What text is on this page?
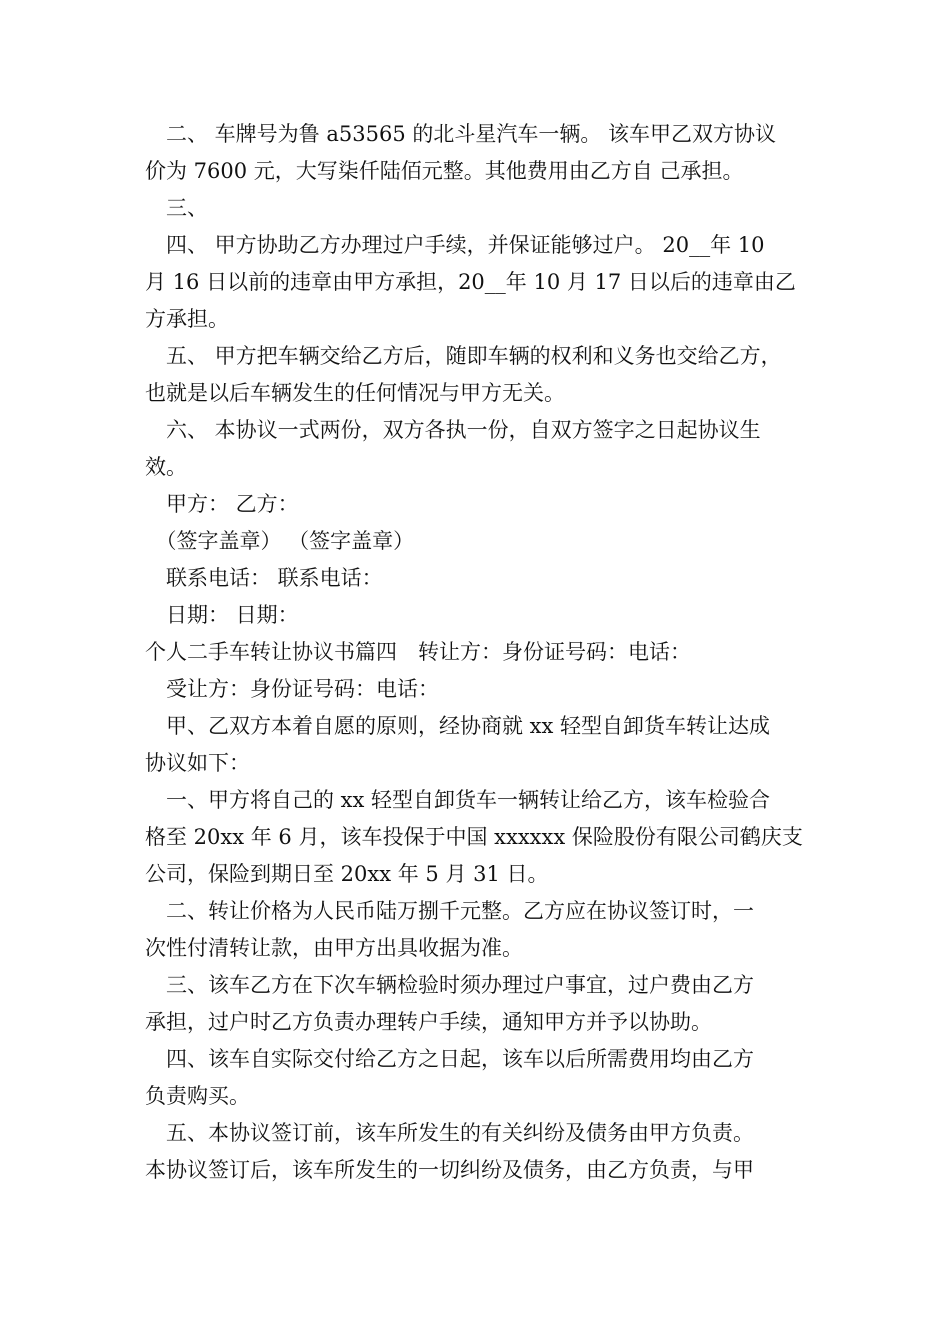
　二、 车牌号为鲁 a53565 的北斗星汽车一辆。 该车甲乙双方协议
价为 7600 元，大写柒仟陆佰元整。其他费用由乙方自 己承担。
　三、
　四、 甲方协助乙方办理过户手续，并保证能够过户。 20__年 10
月 16 日以前的违章由甲方承担，20__年 10 月 17 日以后的违章由乙
方承担。
　五、 甲方把车辆交给乙方后，随即车辆的权利和义务也交给乙方，
也就是以后车辆发生的任何情况与甲方无关。
　六、 本协议一式两份，双方各执一份，自双方签字之日起协议生
效。
　甲方： 乙方：
　（签字盖章） （签字盖章）
　联系电话： 联系电话：
　日期： 日期：
个人二手车转让协议书篇四　转让方：身份证号码：电话：
　受让方：身份证号码：电话：
　甲、乙双方本着自愿的原则，经协商就 xx 轻型自卸货车转让达成
协议如下：
　一、甲方将自己的 xx 轻型自卸货车一辆转让给乙方，该车检验合
格至 20xx 年 6 月，该车投保于中国 xxxxxx 保险股份有限公司鹤庆支
公司，保险到期日至 20xx 年 5 月 31 日。
　二、转让价格为人民币陆万捌千元整。乙方应在协议签订时，一
次性付清转让款，由甲方出具收据为准。
　三、该车乙方在下次车辆检验时须办理过户事宜，过户费由乙方
承担，过户时乙方负责办理转户手续，通知甲方并予以协助。
　四、该车自实际交付给乙方之日起，该车以后所需费用均由乙方
负责购买。
　五、本协议签订前，该车所发生的有关纠纷及债务由甲方负责。
本协议签订后，该车所发生的一切纠纷及债务，由乙方负责，与甲
